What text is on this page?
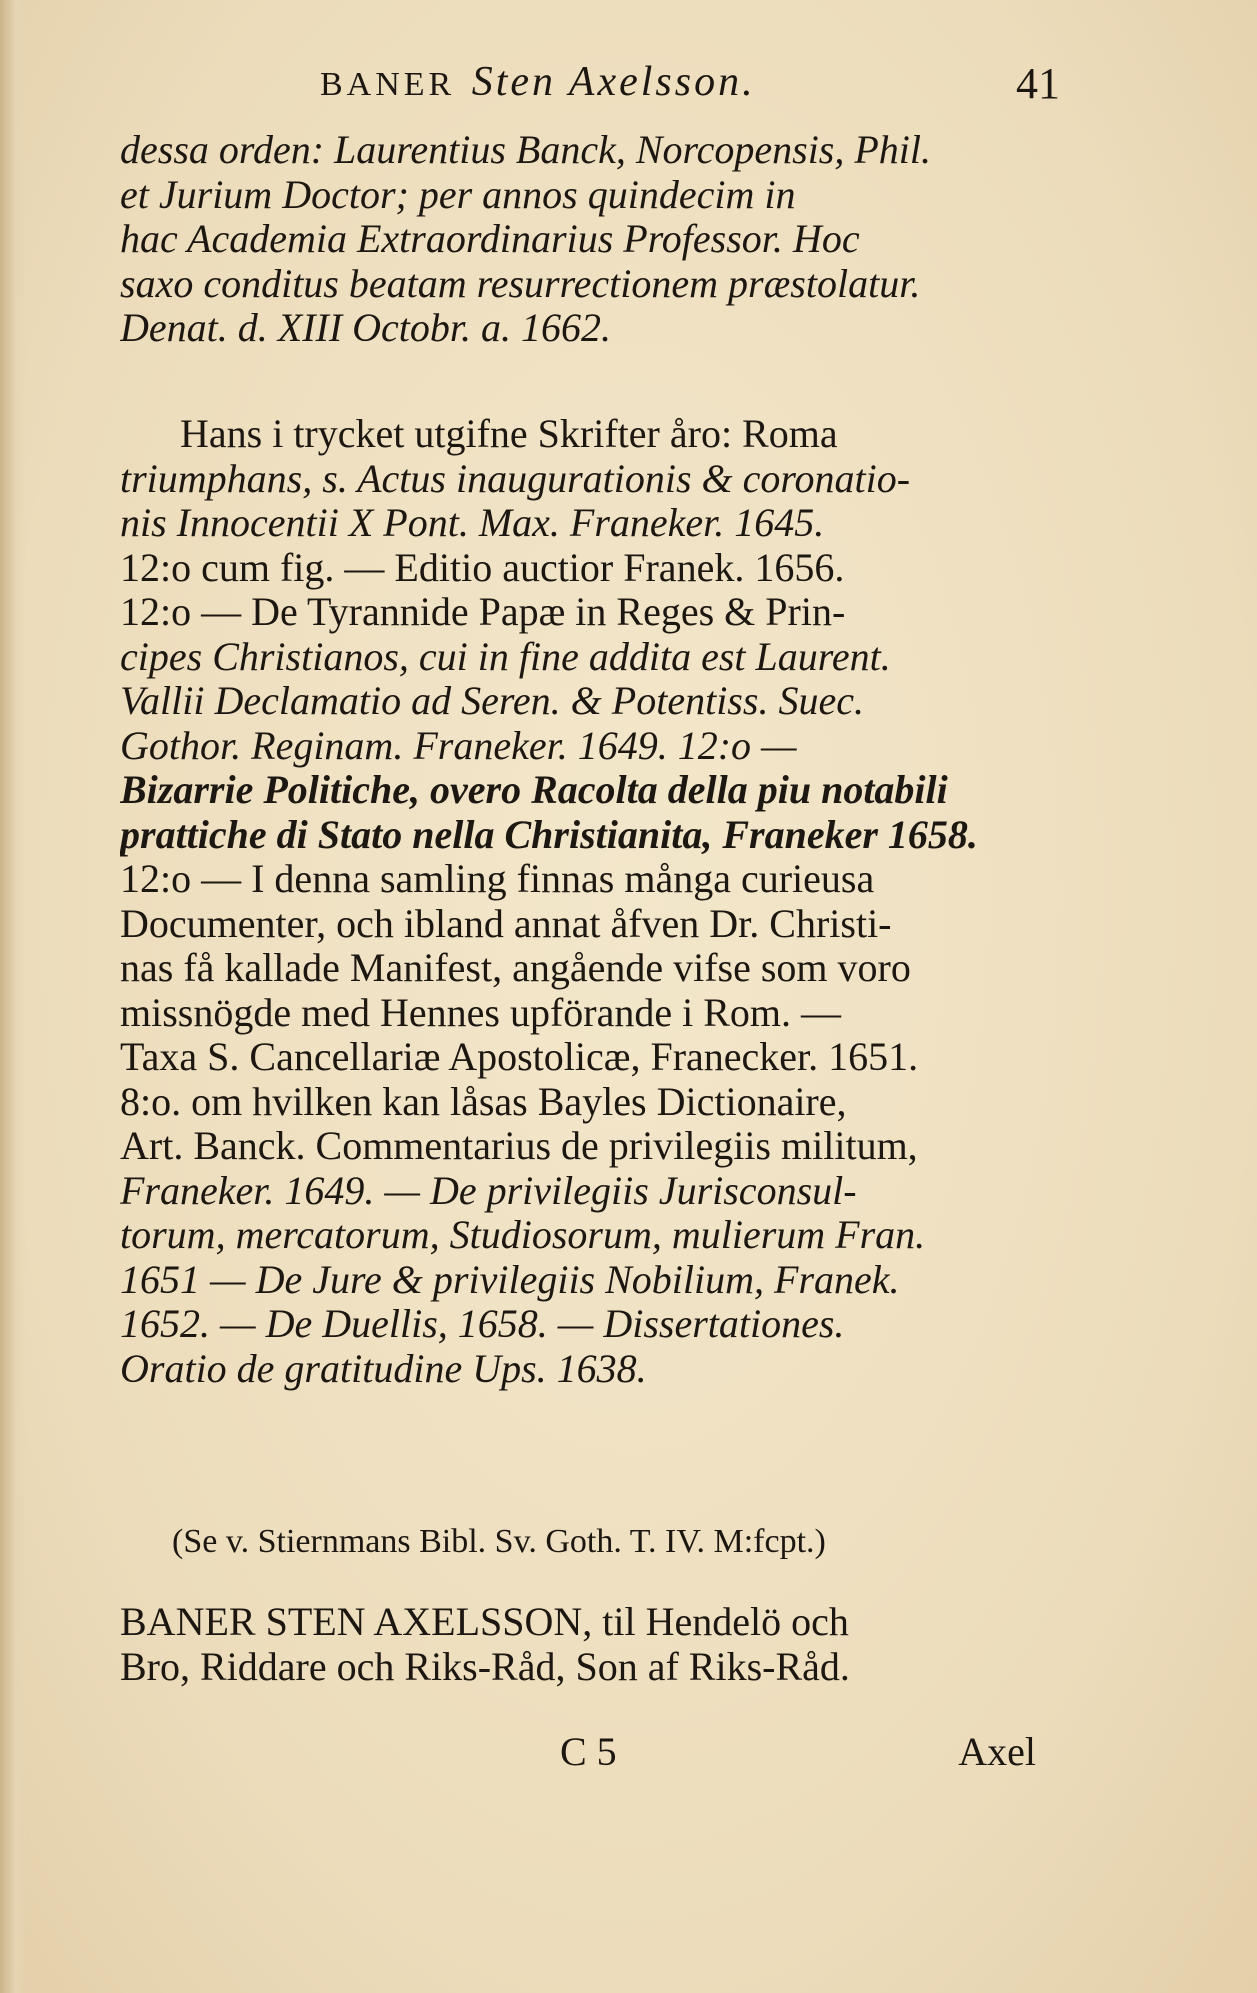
BANER Sten Axelsson.	41
dessa orden: Laurentius Banck, Norcopensis, Phil.
et Jurium Doctor; per annos quindecim in
hac Academia Extraordinarius Professor. Hoc
saxo conditus beatam resurrectionem præstolatur.
Denat. d. XIII Octobr. a. 1662.
Hans i trycket utgifne Skrifter åro: Roma
triumphans, s. Actus inaugurationis & coronatio-
nis Innocentii X Pont. Max. Franeker. 1645.
12:o cum fig. — Editio auctior Franek. 1656.
12:o — De Tyrannide Papæ in Reges & Prin-
cipes Christianos, cui in fine addita est Laurent.
Vallii Declamatio ad Seren. & Potentiss. Suec.
Gothor. Reginam. Franeker. 1649. 12:o —
Bizarrie Politiche, overo Racolta della piu notabili
prattiche di Stato nella Christianita, Franeker 1658.
12:o — I denna samling finnas många curieusa
Documenter, och ibland annat åfven Dr. Christi-
nas få kallade Manifest, angående vifse som voro
missnögde med Hennes upförande i Rom. —
Taxa S. Cancellariæ Apostolicæ, Franecker. 1651.
8:o. om hvilken kan låsas Bayles Dictionaire,
Art. Banck. Commentarius de privilegiis militum,
Franeker. 1649. — De privilegiis Jurisconsul-
torum, mercatorum, Studiosorum, mulierum Fran.
1651 — De Jure & privilegiis Nobilium, Franek.
1652. — De Duellis, 1658. — Dissertationes.
Oratio de gratitudine Ups. 1638.
(Se v. Stiernmans Bibl. Sv. Goth. T. IV. M:fcpt.)
BANER STEN AXELSSON, til Hendelö och
Bro, Riddare och Riks-Råd, Son af Riks-Råd.
C 5	Axel
